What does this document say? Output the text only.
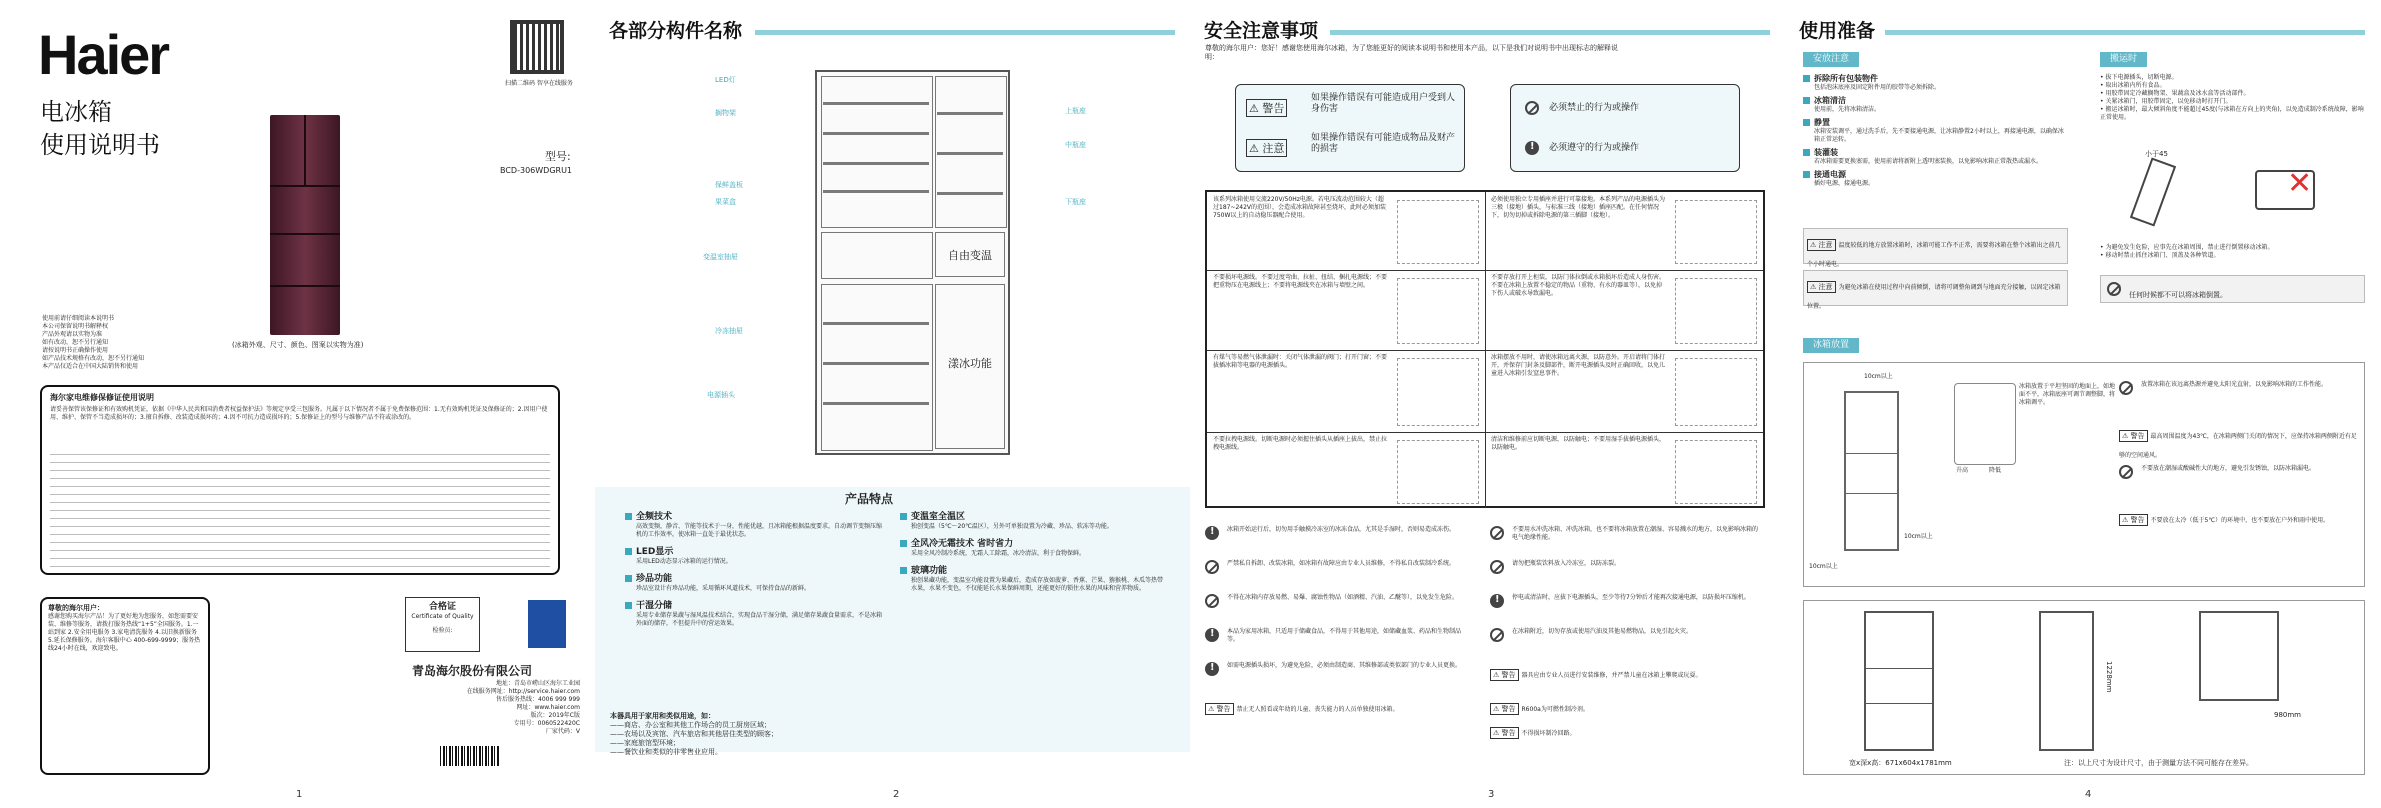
Haier
电冰箱
使用说明书
扫描二维码 智享在线服务
型号:
BCD-306WDGRU1
(冰箱外观、尺寸、颜色、图案以实物为准)
使用前请仔细阅读本说明书
本公司保留说明书解释权
产品外观请以实物为准
如有改动，恕不另行通知
请按说明书正确操作使用
如产品技术规格有改动，恕不另行通知
本产品仅适合在中国大陆销售和使用
海尔家电维修保修证使用说明
请妥善保管该保修证和有效购机凭证，依据《中华人民共和国消费者权益保护法》等规定享受三包服务。凡属于以下情况者不属于免费保修范围：1.无有效购机凭证及保修证的；2.因用户使用、维护、保管不当造成损坏的；3.擅自拆修、改装造成损坏的；4.因不可抗力造成损坏的；5.保修证上的型号与维修产品不符或涂改的。
尊敬的海尔用户：
感谢您购买海尔产品！为了更好地为您服务，如您需要安装、维修等服务，请拨打服务热线“1+5”全国服务。1.一站到家 2.安全用电服务 3.家电清洗服务 4.以旧换新服务 5.延长保修服务。海尔客服中心 400-699-9999；服务热线24小时在线，欢迎致电。
合格证
Certificate of Quality
检验员:
青岛海尔股份有限公司
地址：青岛市崂山区海尔工业园
在线服务网址：http://service.haier.com
售后服务热线：4006 999 999
网址：www.haier.com
版次：2019年C版
专用号：0060522420C
厂家代码：V
1
各部分构件名称
自由变温
漾冰功能
LED灯
搁物架
保鲜盖板
果菜盒
变温室抽屉
冷冻抽屉
电源插头
上瓶座
中瓶座
下瓶座
产品特点
全频技术
高效变频，静音、节能等技术于一身，性能优越，且冰箱能根据温度要求，自动调节变频压缩机的工作效率，使冰箱一直处于最优状态。
LED显示
采用LED动态显示冰箱的运行情况。
珍品功能
珍品室设计有珍品功能，采用循环风道技术，可保持食品的新鲜。
干湿分储
采用专业储存果蔬与湿风温技术结合，实现食品干湿分储，满足储存果蔬食量需求，不是冰箱外面的储存，不但提升中的营运效果。
变温室全温区
独创变温（5℃～20℃温区），另外可单独设置为冷藏、珍品、软冻等功能。
全风冷无霜技术 省时省力
采用全风冷制冷系统，无霜人工除霜，冰冷清洁，利于食物保鲜。
玻璃功能
独创果藏功能，变温室功能设置为果藏后，造成存放如菠萝、香蕉、芒果、猕猴桃、木瓜等热带水果，水果不变色，不仅能延长水果保鲜周期，还能更好的锁住水果的风味和营养物质。
本器具用于家用和类似用途，如：
——商店、办公室和其他工作场合的员工厨房区域；
——农场以及宾馆、汽车旅店和其他居住类型的顾客；
——家庭旅馆型环境；
——餐饮业和类似的非零售业应用。
2
安全注意事项
尊敬的海尔用户：您好！感谢您使用海尔冰箱，为了您能更好的阅读本说明书和使用本产品，以下是我们对说明书中出现标志的解释说明：
⚠ 警告
如果操作错误有可能造成用户受到人身伤害
⚠ 注意
如果操作错误有可能造成物品及财产的损害
必须禁止的行为或操作
!
必须遵守的行为或操作
该系列冰箱使用交流220V/50Hz电源。若电压波动范围较大（超过187~242V的范围），会造成冰箱故障甚至烧坏，此时必须加装750W以上的自动稳压器配合使用。
必须使用独立专用插座并进行可靠接地。本系列产品的电源插头为三极（接地）插头，与标准三线（接地）插座匹配。在任何情况下，切勿切掉或拆除电源的第三插脚（接地）。
不要损坏电源线。不要过度弯曲、拉扯、扭结、捆扎电源线；不要把重物压在电源线上；不要将电源线夹在冰箱与墙壁之间。
不要存放打开上柜装，以防门体拉倒或水箱损坏后造成人身伤害。不要在冰箱上放置不稳定的物品（重物、有水的器皿等），以免掉下伤人或破水导致漏电。
有煤气等易燃气体泄漏时：关闭气体泄漏的阀门；打开门窗；不要拔插冰箱等电器的电源插头。
冰箱摆放不用时，请使冰箱远离火源，以防意外。开启请将门体打开，并保存门封条及脚部件，断开电源插头及时正确回收，以免儿童进入冰箱引发窒息事件。
不要拉拽电源线。切断电源时必须握住插头从插座上拔出，禁止拉拽电源线。
清洁和维修前应切断电源，以防触电；不要用湿手拔插电源插头，以防触电。
!
冰箱开始运行后，切勿用手触摸冷冻室的冰冻食品，尤其是手湿时，否则易造成冻伤。
严禁私自拆卸、改装冰箱，如冰箱有故障应由专业人员维修，不得私自改装制冷系统。
不得在冰箱内存放易燃、易爆、腐蚀性物品（如酒精、汽油、乙醚等），以免发生危险。
!
本品为家用冰箱，只适用于储藏食品，不得用于其他用途，如储藏血浆、药品和生物制品等。
!
如需电源插头损坏，为避免危险，必须由制造商、其维修部或类似部门的专业人员更换。
⚠ 警告 禁止无人照看或年幼的儿童、丧失能力的人员单独使用冰箱。
不要用水冲洗冰箱、冲洗冰箱，也不要将冰箱放置在潮湿、容易溅水的地方，以免影响冰箱的电气绝缘性能。
请勿把瓶装饮料放入冷冻室，以防冻裂。
!
停电或清洁时，应拔下电源插头，至少等待7分钟后才能再次接通电源，以防损坏压缩机。
在冰箱附近，切勿存放或使用汽油及其他易燃物品，以免引起火灾。
⚠ 警告 器具应由专业人员进行安装维修，并严禁儿童在冰箱上攀爬或玩耍。
⚠ 警告 R600a为可燃性制冷剂。
⚠ 警告 不得损坏制冷回路。
3
使用准备
安放注意
拆除所有包装物件
包括泡沫底座及固定附件用的胶带等必须拆除。
冰箱清洁
使用前，先将冰箱清洁。
静置
冰箱安装调平，通过洗手后，先不要接通电源，让冰箱静置2小时以上，再接通电源，以确保冰箱正常运转。
装灌装
若冰箱需要更换塞需，使用前请将新附上透明塞装换，以免影响冰箱正常散热或漏水。
接通电源
插好电源，接通电源。
⚠ 注意 温度较低的地方放置冰箱时，冰箱可能工作不正常，需要将冰箱在整个冰箱出之前几个小时通电。
⚠ 注意 为避免冰箱在使用过程中向前倾倒，请将可调整角调到与地面充分接触，以固定冰箱位置。
搬运时
• 拔下电源插头，切断电源。
• 取出冰箱内所有食品。
• 用胶带固定冷藏搁物架、果蔬盒及冰水盒等活动部件。
• 关紧冰箱门，用胶带固定，以免移动时打开门。
• 搬运冰箱时，最大倾斜角度不能超过45度(与冰箱在方向上的夹角)，以免造成制冷系统故障，影响正常使用。
小于45
✕
• 为避免发生危险，应事先在冰箱周围，禁止进行倒置移动冰箱。
• 移动时禁止抓住冰箱门、顶盖及各种管道。
任何时候都不可以将冰箱倒置。
冰箱放置
10cm以上
10cm以上
10cm以上
升高	降低
冰箱放置于平坦坚固的地面上，如地面不平，冰箱底座可调节调整脚，将冰箱调平。
放置冰箱在该远离热源并避免太阳光直射，以免影响冰箱的工作性能。
⚠ 警告 最高周围温度为43℃，在冰箱两侧门关闭的情况下，应保持冰箱两侧附近有足够的空间通风。
不要放在潮湿或酸碱性大的地方，避免引发锈蚀，以防冰箱漏电。
⚠ 警告 不要放在太冷（低于5℃）的环境中，也不要放在户外和雨中使用。
宽x深x高：671x604x1781mm
1228mm
980mm
注：以上尺寸为设计尺寸，由于测量方法不同可能存在差异。
4
